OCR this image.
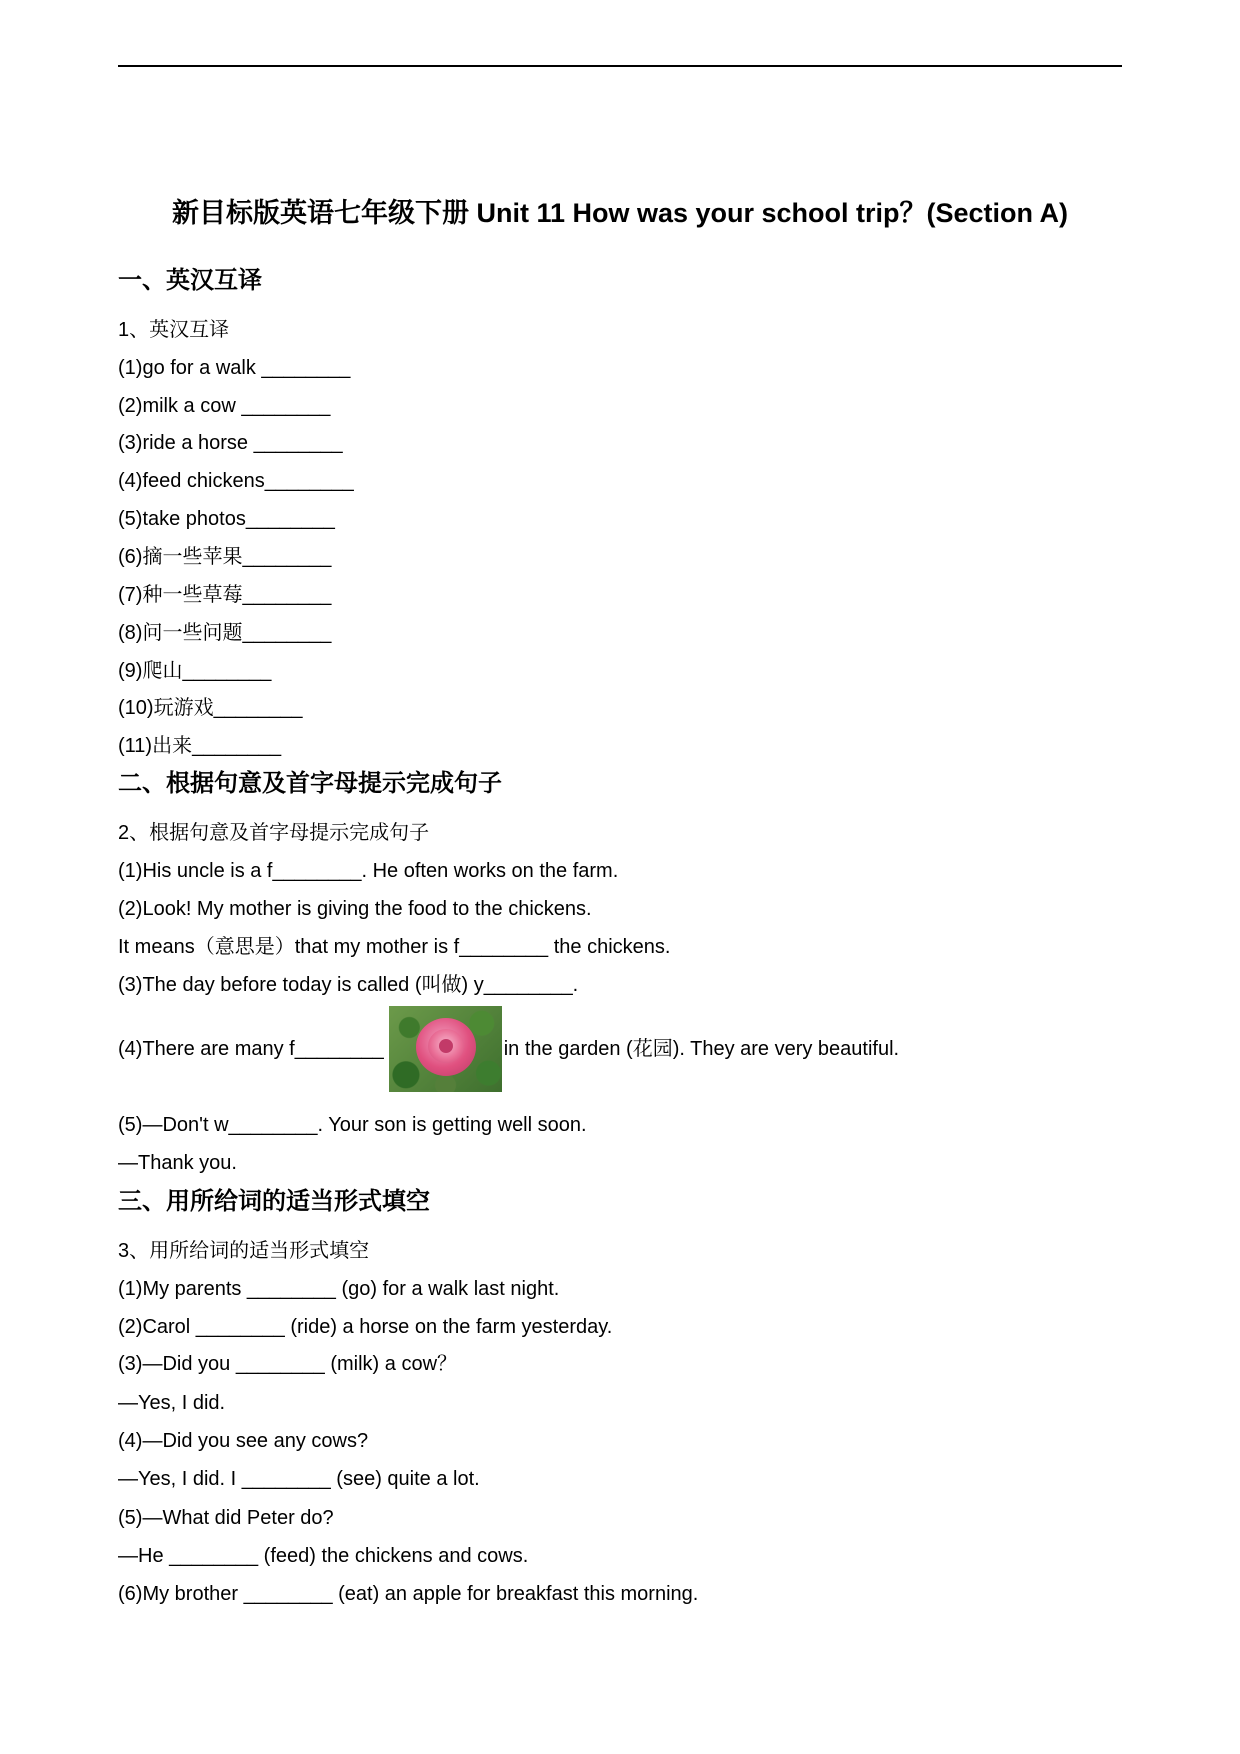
新目标版英语七年级下册 Unit 11 How was your school trip？(Section A)
一、英汉互译
1、英汉互译
(1)go for a walk ________
(2)milk a cow ________
(3)ride a horse ________
(4)feed chickens________
(5)take photos________
(6)摘一些苹果________
(7)种一些草莓________
(8)问一些问题________
(9)爬山________
(10)玩游戏________
(11)出来________
二、根据句意及首字母提示完成句子
2、根据句意及首字母提示完成句子
(1)His uncle is a f________. He often works on the farm.
(2)Look! My mother is giving the food to the chickens.
It means（意思是）that my mother is f________ the chickens.
(3)The day before today is called (叫做) y________.
(4)There are many f________	in the garden (花园). They are very beautiful.
(5)—Don't w________. Your son is getting well soon.
—Thank you.
三、用所给词的适当形式填空
3、用所给词的适当形式填空
(1)My parents ________ (go) for a walk last night.
(2)Carol ________ (ride) a horse on the farm yesterday.
(3)—Did you ________ (milk) a cow？
—Yes, I did.
(4)—Did you see any cows?
—Yes, I did. I ________ (see) quite a lot.
(5)—What did Peter do?
—He ________ (feed) the chickens and cows.
(6)My brother ________ (eat) an apple for breakfast this morning.
